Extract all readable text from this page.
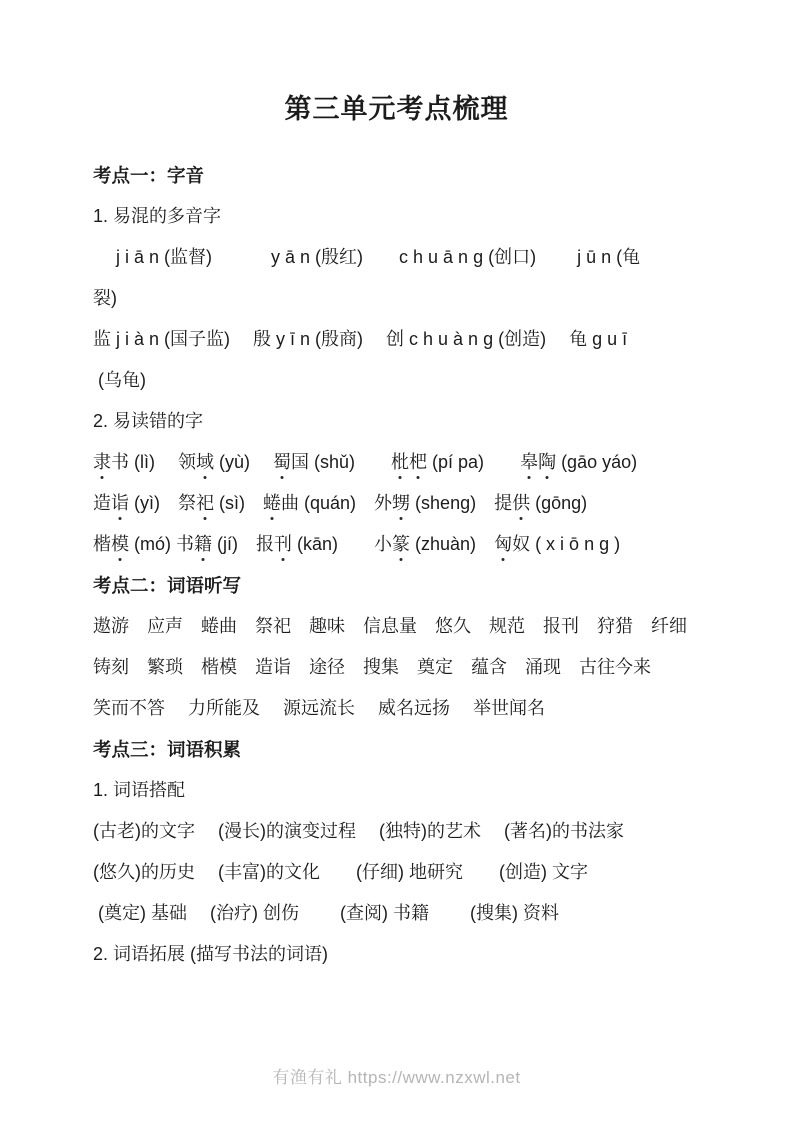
第三单元考点梳理
考点一：字音
1. 易混的多音字
　 j i ā n (监督)　　　 y ā n (殷红)　　c h u ā n g (创口)　　 j ū n (龟
裂)
监 j i à n (国子监)　 殷 y ī n (殷商)　 创 c h u à n g (创造)　 龟 g u ī
(乌龟)
2. 易读错的字
隶书 (lì)　 领域 (yù)　 蜀国 (shǔ)　　枇杷 (pí pa)　　皋陶 (gāo yáo)
造诣 (yì)　祭祀 (sì)　蜷曲 (quán)　外甥 (sheng)　提供 (gōng)
楷模 (mó) 书籍 (jí)　报刊 (kān)　　小篆 (zhuàn)　匈奴 ( x i ō n g )
考点二：词语听写
遨游　应声　蜷曲　祭祀　趣味　信息量　悠久　规范　报刊　狩猎　纤细
铸刻　繁琐　楷模　造诣　途径　搜集　奠定　蕴含　涌现　古往今来
笑而不答　 力所能及　 源远流长　 威名远扬　 举世闻名
考点三：词语积累
1. 词语搭配
(古老)的文字　 (漫长)的演变过程　 (独特)的艺术　 (著名)的书法家
(悠久)的历史　 (丰富)的文化　　(仔细) 地研究　　(创造) 文字
(奠定) 基础　 (治疗) 创伤　　 (查阅) 书籍　　 (搜集) 资料
2. 词语拓展 (描写书法的词语)
有渔有礼 https://www.nzxwl.net
